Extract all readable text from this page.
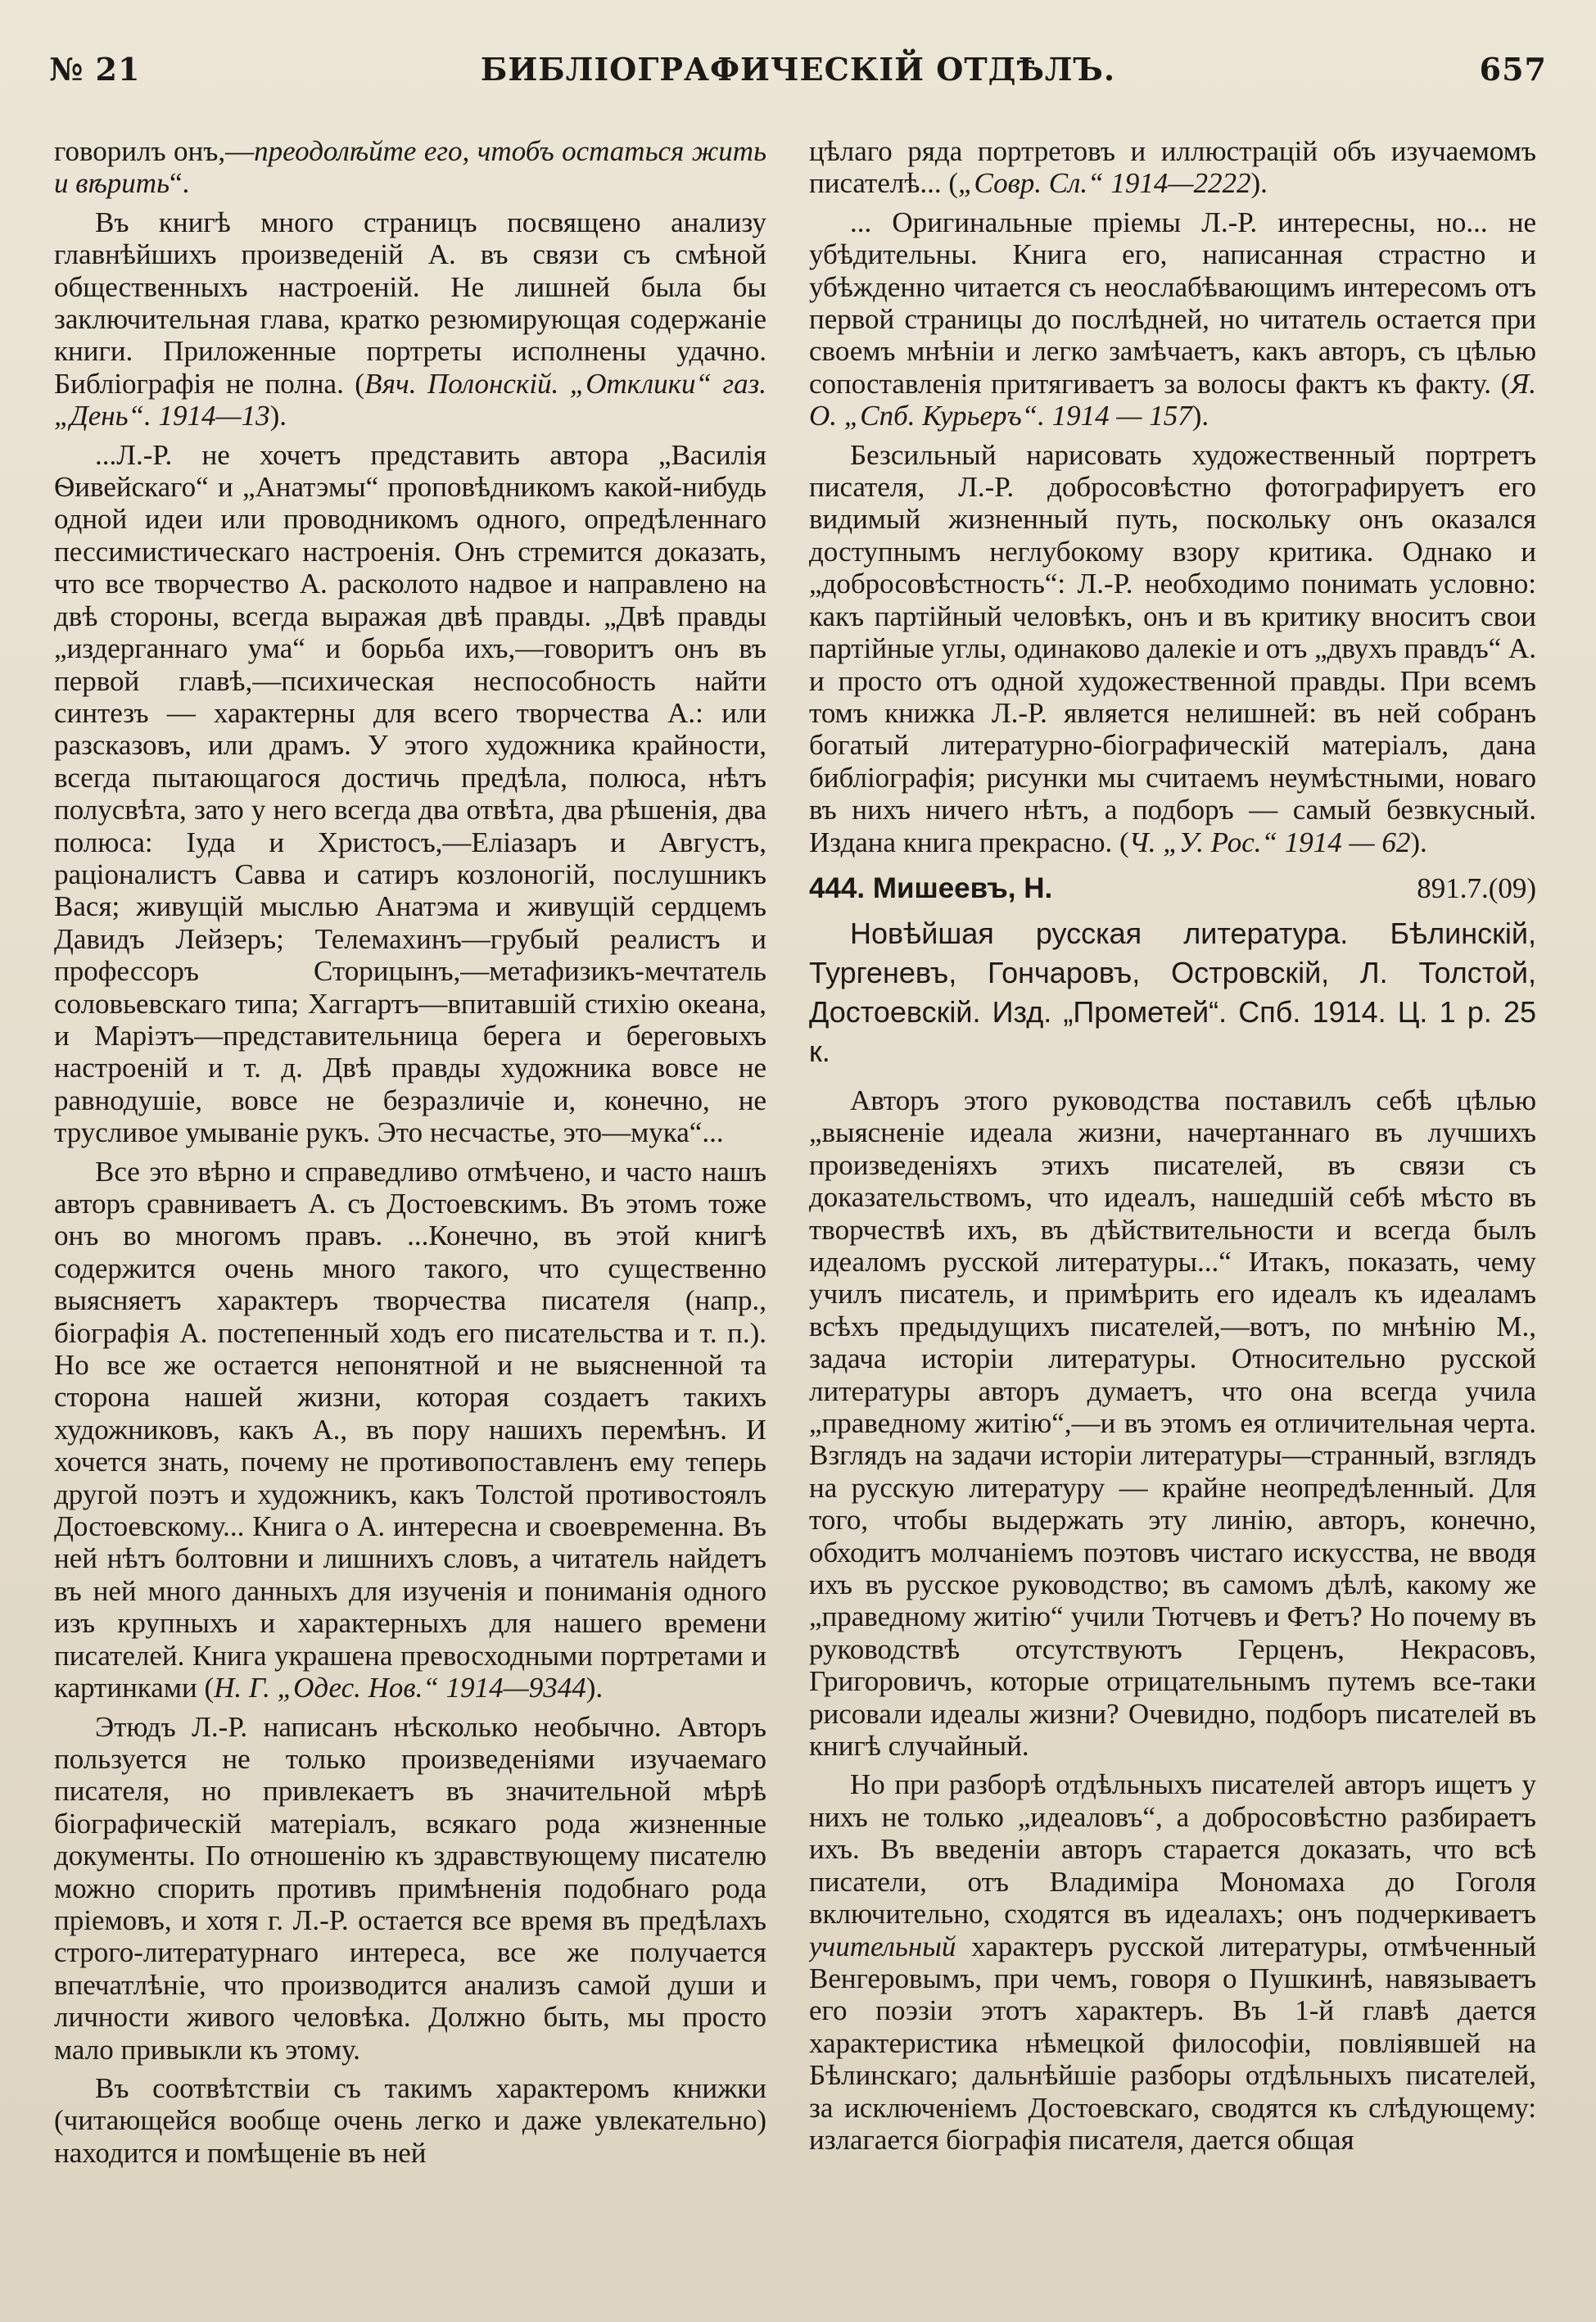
№ 21	БИБЛІОГРАФИЧЕСКІЙ ОТДѢЛЪ.	657

говорилъ онъ,—преодолѣйте его, чтобъ остаться жить и вѣрить“.

Въ книгѣ много страницъ посвящено анализу главнѣйшихъ произведеній А. въ связи съ смѣной общественныхъ настроеній. Не лишней была бы заключительная глава, кратко резюмирующая содержаніе книги. Приложенные портреты исполнены удачно. Библіографія не полна. (Вяч. Полонскій. „Отклики“ газ. „День“. 1914—13).

...Л.-Р. не хочетъ представить автора „Василія Ѳивейскаго“ и „Анатэмы“ проповѣдникомъ какой-нибудь одной идеи или проводникомъ одного, опредѣленнаго пессимистическаго настроенія. Онъ стремится доказать, что все творчество А. расколото надвое и направлено на двѣ стороны, всегда выражая двѣ правды. „Двѣ правды „издерганнаго ума“ и борьба ихъ,—говоритъ онъ въ первой главѣ,—психическая неспособность найти синтезъ — характерны для всего творчества А.: или разсказовъ, или драмъ. У этого художника крайности, всегда пытающагося достичь предѣла, полюса, нѣтъ полусвѣта, зато у него всегда два отвѣта, два рѣшенія, два полюса: Іуда и Христосъ,—Еліазаръ и Августъ, раціоналистъ Савва и сатиръ козлоногій, послушникъ Вася; живущій мыслью Анатэма и живущій сердцемъ Давидъ Лейзеръ; Телемахинъ—грубый реалистъ и профессоръ Сторицынъ,—метафизикъ-мечтатель соловьевскаго типа; Хаггартъ—впитавшій стихію океана, и Маріэтъ—представительница берега и береговыхъ настроеній и т. д. Двѣ правды художника вовсе не равнодушіе, вовсе не безразличіе и, конечно, не трусливое умываніе рукъ. Это несчастье, это—мука“...

Все это вѣрно и справедливо отмѣчено, и часто нашъ авторъ сравниваетъ А. съ Достоевскимъ. Въ этомъ тоже онъ во многомъ правъ. ...Конечно, въ этой книгѣ содержится очень много такого, что существенно выясняетъ характеръ творчества писателя (напр., біографія А. постепенный ходъ его писательства и т. п.). Но все же остается непонятной и не выясненной та сторона нашей жизни, которая создаетъ такихъ художниковъ, какъ А., въ пору нашихъ перемѣнъ. И хочется знать, почему не противопоставленъ ему теперь другой поэтъ и художникъ, какъ Толстой противостоялъ Достоевскому... Книга о А. интересна и своевременна. Въ ней нѣтъ болтовни и лишнихъ словъ, а читатель найдетъ въ ней много данныхъ для изученія и пониманія одного изъ крупныхъ и характерныхъ для нашего времени писателей. Книга украшена превосходными портретами и картинками (Н. Г. „Одес. Нов.“ 1914—9344).

Этюдъ Л.-Р. написанъ нѣсколько необычно. Авторъ пользуется не только произведеніями изучаемаго писателя, но привлекаетъ въ значительной мѣрѣ біографическій матеріалъ, всякаго рода жизненные документы. По отношенію къ здравствующему писателю можно спорить противъ примѣненія подобнаго рода пріемовъ, и хотя г. Л.-Р. остается все время въ предѣлахъ строго-литературнаго интереса, все же получается впечатлѣніе, что производится анализъ самой души и личности живого человѣка. Должно быть, мы просто мало привыкли къ этому.

Въ соотвѣтствіи съ такимъ характеромъ книжки (читающейся вообще очень легко и даже увлекательно) находится и помѣщеніе въ ней

цѣлаго ряда портретовъ и иллюстрацій объ изучаемомъ писателѣ... („Совр. Сл.“ 1914—2222).

... Оригинальные пріемы Л.-Р. интересны, но... не убѣдительны. Книга его, написанная страстно и убѣжденно читается съ неослабѣвающимъ интересомъ отъ первой страницы до послѣдней, но читатель остается при своемъ мнѣніи и легко замѣчаетъ, какъ авторъ, съ цѣлью сопоставленія притягиваетъ за волосы фактъ къ факту. (Я. О. „Спб. Курьеръ“. 1914 — 157).

Безсильный нарисовать художественный портретъ писателя, Л.-Р. добросовѣстно фотографируетъ его видимый жизненный путь, поскольку онъ оказался доступнымъ неглубокому взору критика. Однако и „добросовѣстность“: Л.-Р. необходимо понимать условно: какъ партійный человѣкъ, онъ и въ критику вноситъ свои партійные углы, одинаково далекіе и отъ „двухъ правдъ“ А. и просто отъ одной художественной правды. При всемъ томъ книжка Л.-Р. является нелишней: въ ней собранъ богатый литературно-біографическій матеріалъ, дана библіографія; рисунки мы считаемъ неумѣстными, новаго въ нихъ ничего нѣтъ, а подборъ — самый безвкусный. Издана книга прекрасно. (Ч. „У. Рос.“ 1914 — 62).

444. Мишеевъ, Н.	891.7.(09)
Новѣйшая русская литература. Бѣлинскій, Тургеневъ, Гончаровъ, Островскій, Л. Толстой, Достоевскій. Изд. „Прометей“. Спб. 1914. Ц. 1 р. 25 к.

Авторъ этого руководства поставилъ себѣ цѣлью „выясненіе идеала жизни, начертаннаго въ лучшихъ произведеніяхъ этихъ писателей, въ связи съ доказательствомъ, что идеалъ, нашедшій себѣ мѣсто въ творчествѣ ихъ, въ дѣйствительности и всегда былъ идеаломъ русской литературы...“ Итакъ, показать, чему училъ писатель, и примѣрить его идеалъ къ идеаламъ всѣхъ предыдущихъ писателей,—вотъ, по мнѣнію М., задача исторіи литературы. Относительно русской литературы авторъ думаетъ, что она всегда учила „праведному житію“,—и въ этомъ ея отличительная черта. Взглядъ на задачи исторіи литературы—странный, взглядъ на русскую литературу — крайне неопредѣленный. Для того, чтобы выдержать эту линію, авторъ, конечно, обходитъ молчаніемъ поэтовъ чистаго искусства, не вводя ихъ въ русское руководство; въ самомъ дѣлѣ, какому же „праведному житію“ учили Тютчевъ и Фетъ? Но почему въ руководствѣ отсутствуютъ Герценъ, Некрасовъ, Григоровичъ, которые отрицательнымъ путемъ все-таки рисовали идеалы жизни? Очевидно, подборъ писателей въ книгѣ случайный.

Но при разборѣ отдѣльныхъ писателей авторъ ищетъ у нихъ не только „идеаловъ“, а добросовѣстно разбираетъ ихъ. Въ введеніи авторъ старается доказать, что всѣ писатели, отъ Владиміра Мономаха до Гоголя включительно, сходятся въ идеалахъ; онъ подчеркиваетъ учительный характеръ русской литературы, отмѣченный Венгеровымъ, при чемъ, говоря о Пушкинѣ, навязываетъ его поэзіи этотъ характеръ. Въ 1-й главѣ дается характеристика нѣмецкой философіи, повліявшей на Бѣлинскаго; дальнѣйшіе разборы отдѣльныхъ писателей, за исключеніемъ Достоевскаго, сводятся къ слѣдующему: излагается біографія писателя, дается общая
